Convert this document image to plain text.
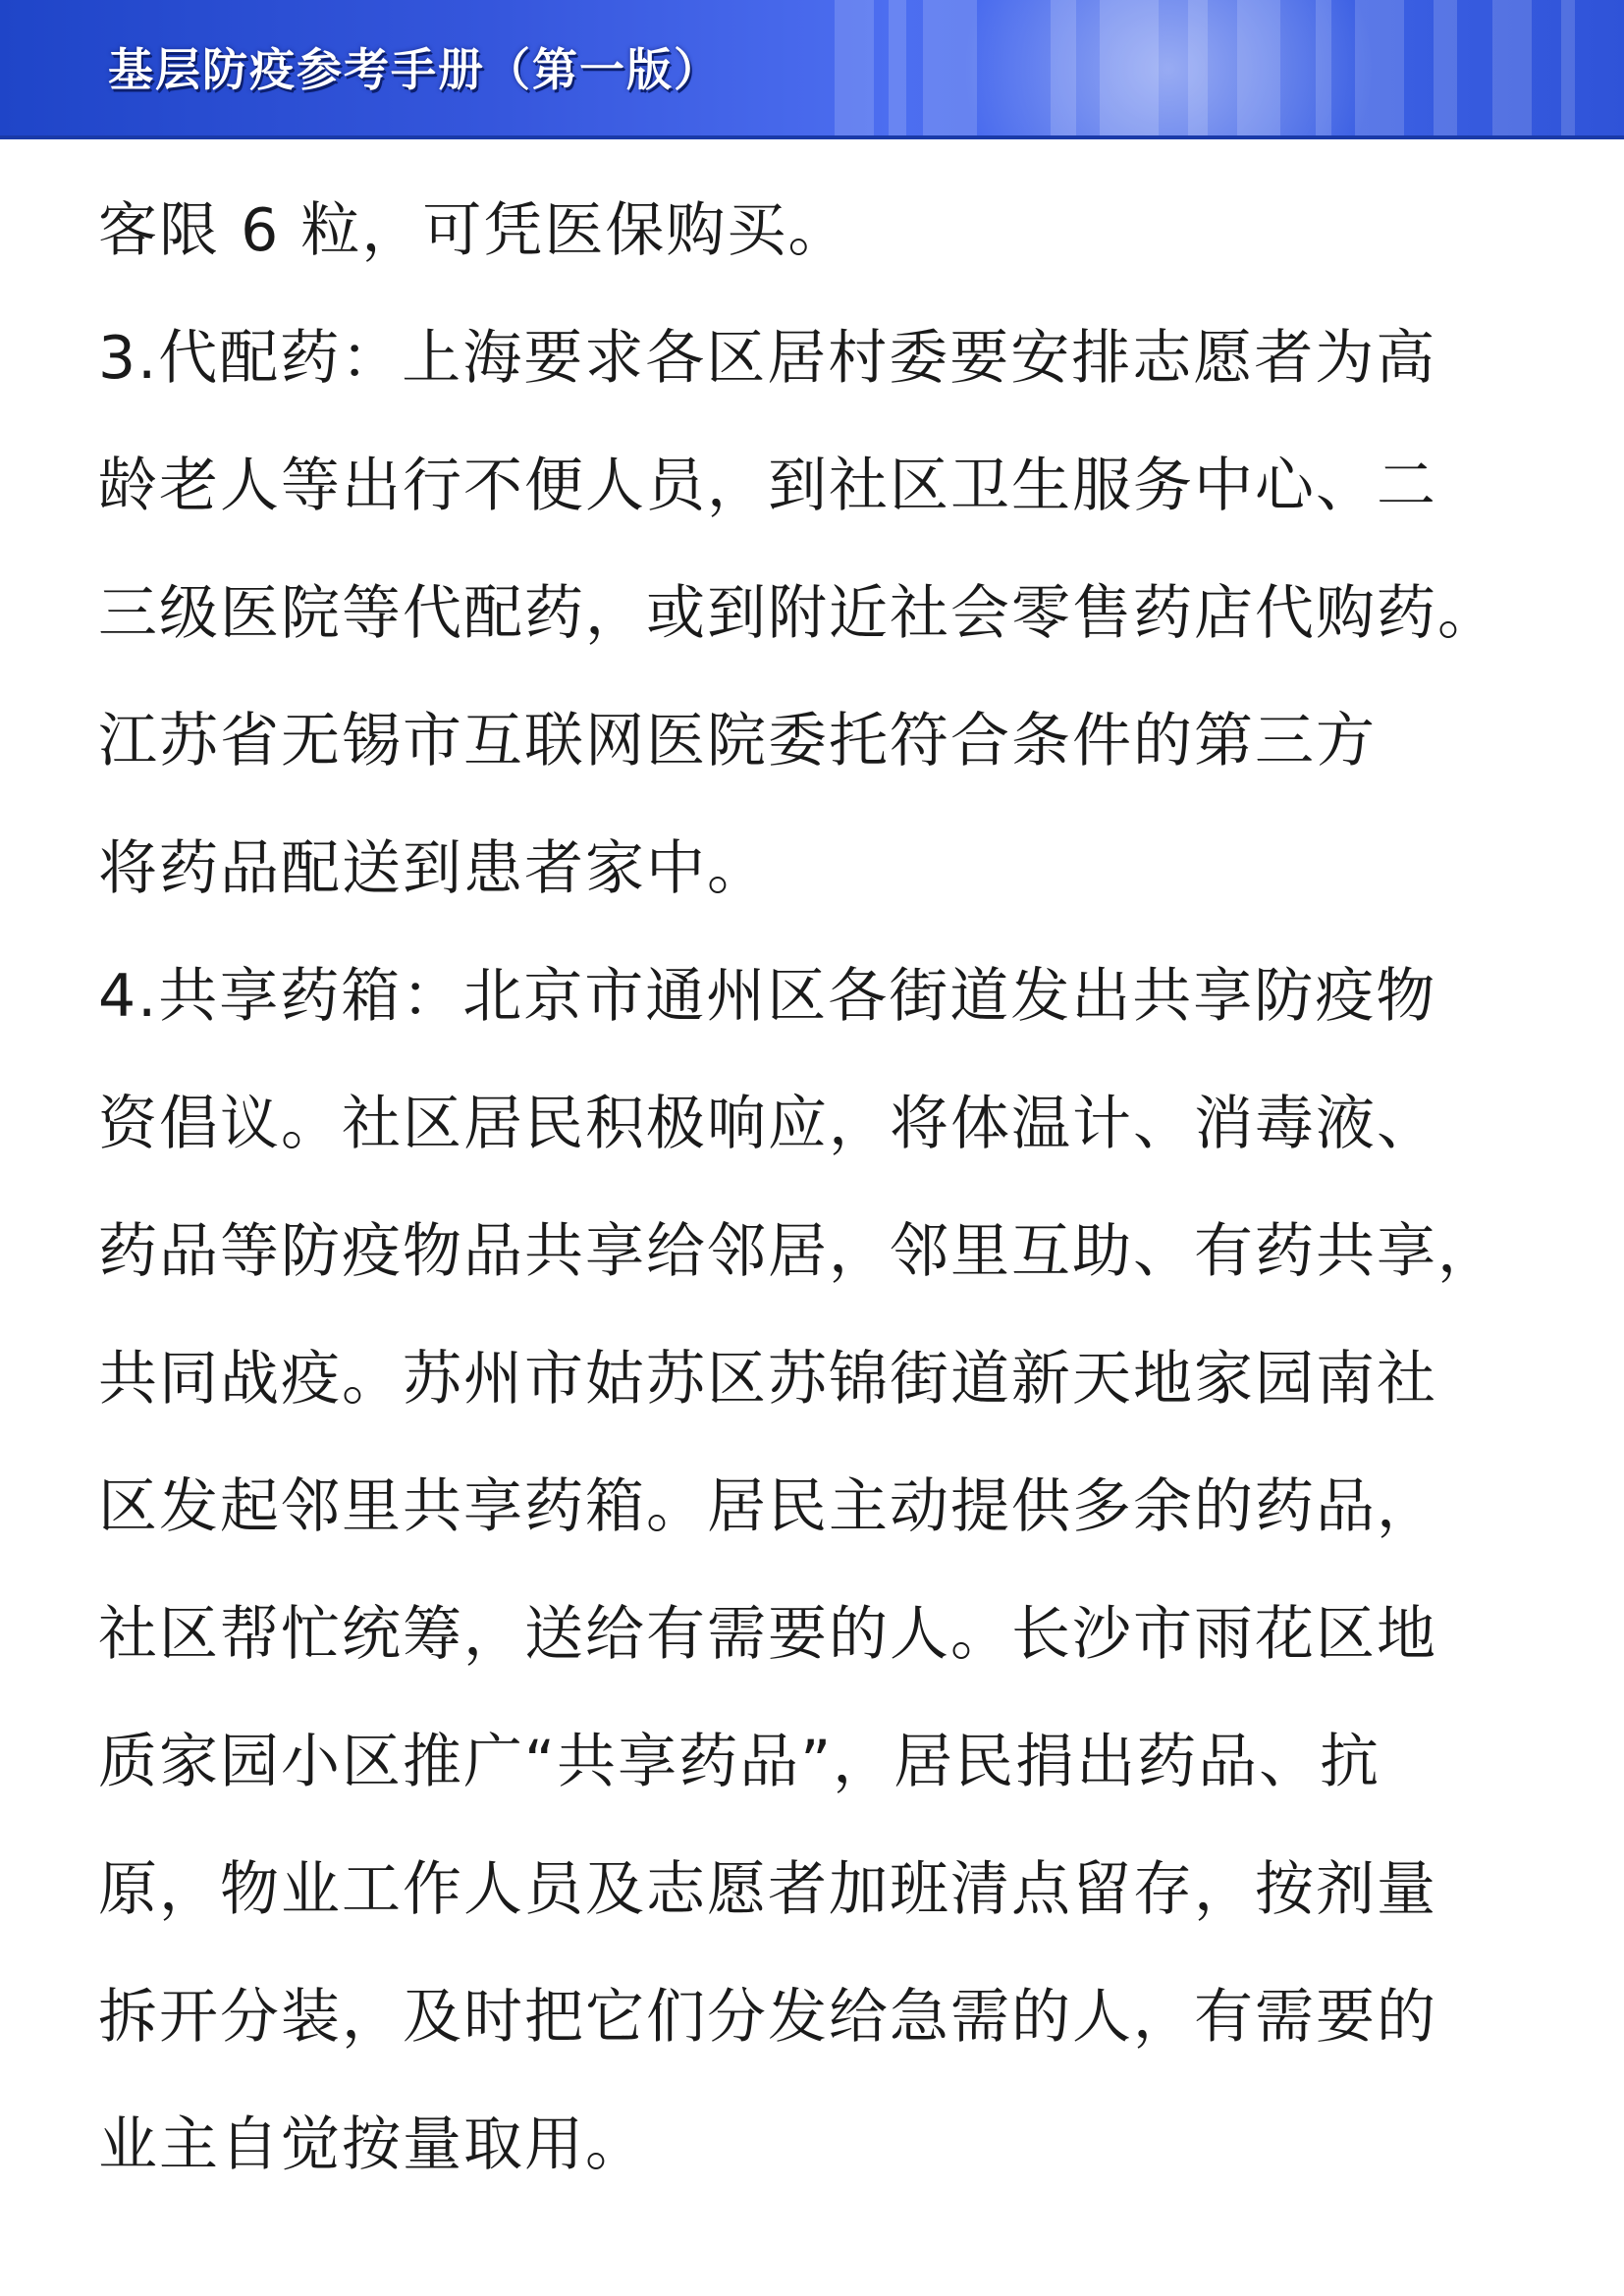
基层防疫参考手册（第一版）
客限 6 粒，可凭医保购买。
3.代配药：上海要求各区居村委要安排志愿者为高
龄老人等出行不便人员，到社区卫生服务中心、二
三级医院等代配药，或到附近社会零售药店代购药。
江苏省无锡市互联网医院委托符合条件的第三方
将药品配送到患者家中。
4.共享药箱：北京市通州区各街道发出共享防疫物
资倡议。社区居民积极响应，将体温计、消毒液、
药品等防疫物品共享给邻居，邻里互助、有药共享，
共同战疫。苏州市姑苏区苏锦街道新天地家园南社
区发起邻里共享药箱。居民主动提供多余的药品，
社区帮忙统筹，送给有需要的人。长沙市雨花区地
质家园小区推广“共享药品”，居民捐出药品、抗
原，物业工作人员及志愿者加班清点留存，按剂量
拆开分装，及时把它们分发给急需的人，有需要的
业主自觉按量取用。
